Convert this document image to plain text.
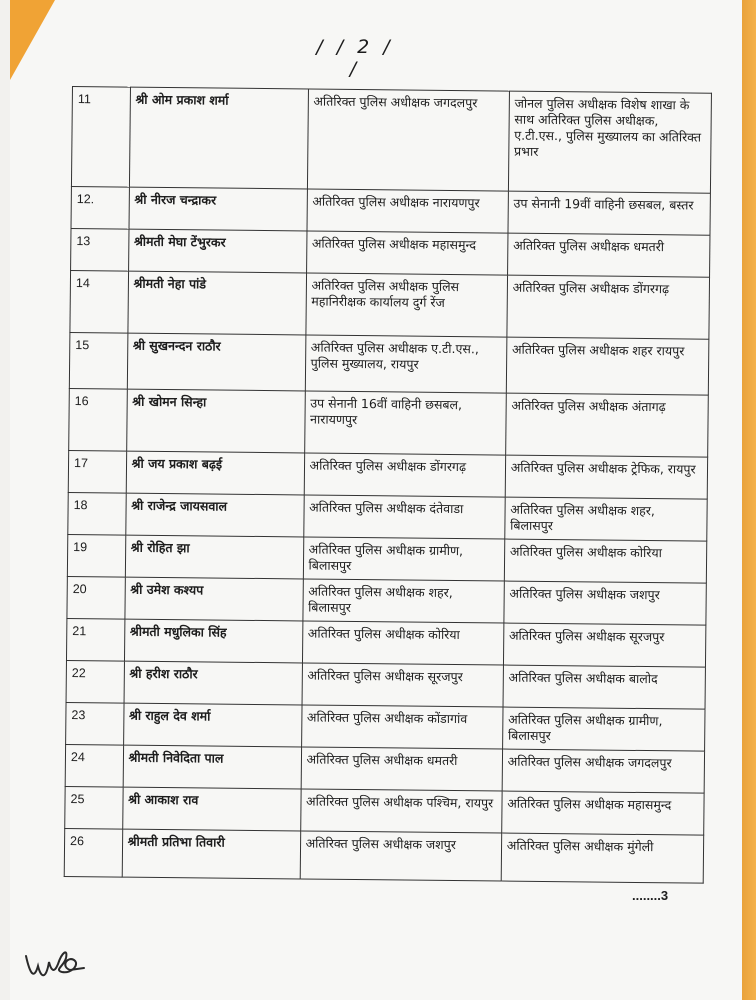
/ / 2 / /
11	श्री ओम प्रकाश शर्मा	अतिरिक्त पुलिस अधीक्षक जगदलपुर	जोनल पुलिस अधीक्षक विशेष शाखा के साथ अतिरिक्त पुलिस अधीक्षक, ए.टी.एस., पुलिस मुख्यालय का अतिरिक्त प्रभार
12.	श्री नीरज चन्द्राकर	अतिरिक्त पुलिस अधीक्षक नारायणपुर	उप सेनानी 19वीं वाहिनी छसबल, बस्तर
13	श्रीमती मेघा टेंभुरकर	अतिरिक्त पुलिस अधीक्षक महासमुन्द	अतिरिक्त पुलिस अधीक्षक धमतरी
14	श्रीमती नेहा पांडे	अतिरिक्त पुलिस अधीक्षक पुलिस महानिरीक्षक कार्यालय दुर्ग रेंज	अतिरिक्त पुलिस अधीक्षक डोंगरगढ़
15	श्री सुखनन्दन राठौर	अतिरिक्त पुलिस अधीक्षक ए.टी.एस., पुलिस मुख्यालय, रायपुर	अतिरिक्त पुलिस अधीक्षक शहर रायपुर
16	श्री खोमन सिन्हा	उप सेनानी 16वीं वाहिनी छसबल, नारायणपुर	अतिरिक्त पुलिस अधीक्षक अंतागढ़
17	श्री जय प्रकाश बढ़ई	अतिरिक्त पुलिस अधीक्षक डोंगरगढ़	अतिरिक्त पुलिस अधीक्षक ट्रेफिक, रायपुर
18	श्री राजेन्द्र जायसवाल	अतिरिक्त पुलिस अधीक्षक दंतेवाडा	अतिरिक्त पुलिस अधीक्षक शहर, बिलासपुर
19	श्री रोहित झा	अतिरिक्त पुलिस अधीक्षक ग्रामीण, बिलासपुर	अतिरिक्त पुलिस अधीक्षक कोरिया
20	श्री उमेश कश्यप	अतिरिक्त पुलिस अधीक्षक शहर, बिलासपुर	अतिरिक्त पुलिस अधीक्षक जशपुर
21	श्रीमती मधुलिका सिंह	अतिरिक्त पुलिस अधीक्षक कोरिया	अतिरिक्त पुलिस अधीक्षक सूरजपुर
22	श्री हरीश राठौर	अतिरिक्त पुलिस अधीक्षक सूरजपुर	अतिरिक्त पुलिस अधीक्षक बालोद
23	श्री राहुल देव शर्मा	अतिरिक्त पुलिस अधीक्षक कोंडागांव	अतिरिक्त पुलिस अधीक्षक ग्रामीण, बिलासपुर
24	श्रीमती निवेदिता पाल	अतिरिक्त पुलिस अधीक्षक धमतरी	अतिरिक्त पुलिस अधीक्षक जगदलपुर
25	श्री आकाश राव	अतिरिक्त पुलिस अधीक्षक पश्चिम, रायपुर	अतिरिक्त पुलिस अधीक्षक महासमुन्द
26	श्रीमती प्रतिभा तिवारी	अतिरिक्त पुलिस अधीक्षक जशपुर	अतिरिक्त पुलिस अधीक्षक मुंगेली
........3
